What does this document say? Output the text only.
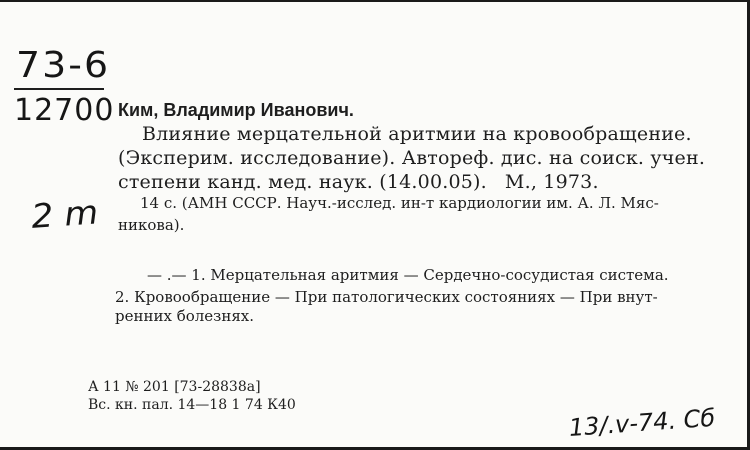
73-6
12700
2 m
Ким, Владимир Иванович.
Влияние мерцательной аритмии на кровообращение.
(Эксперим. исследование). Автореф. дис. на соиск. учен.
степени канд. мед. наук. (14.00.05). М., 1973.
14 с. (АМН СССР. Науч.-исслед. ин-т кардиологии им. А. Л. Мяс-
никова).
— .— 1. Мерцательная аритмия — Сердечно-сосудистая система.
2. Кровообращение — При патологических состояниях — При внут-
ренних болезнях.
А 11 № 201 [73-28838а]
Вс. кн. пал. 14—18 1 74 К40	13/.v-74. Сб
